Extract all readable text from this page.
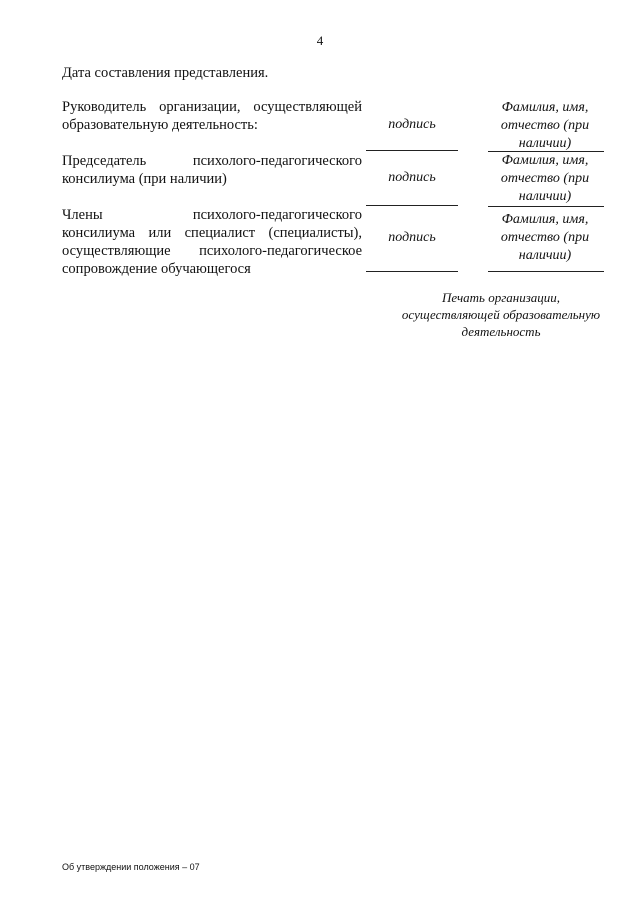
4
Дата составления представления.
Руководитель организации, осуществляющей
образовательную деятельность:	подпись
Фамилия, имя,
отчество (при
наличии)
Председатель психолого-педагогического
консилиума (при наличии)	подпись
Фамилия, имя,
отчество (при
наличии)
Члены психолого-педагогического
консилиума или специалист (специалисты),
осуществляющие психолого-педагогическое
сопровождение обучающегося
подпись
Фамилия, имя,
отчество (при
наличии)
Печать организации,
осуществляющей образовательную
деятельность
Об утверждении положения – 07
